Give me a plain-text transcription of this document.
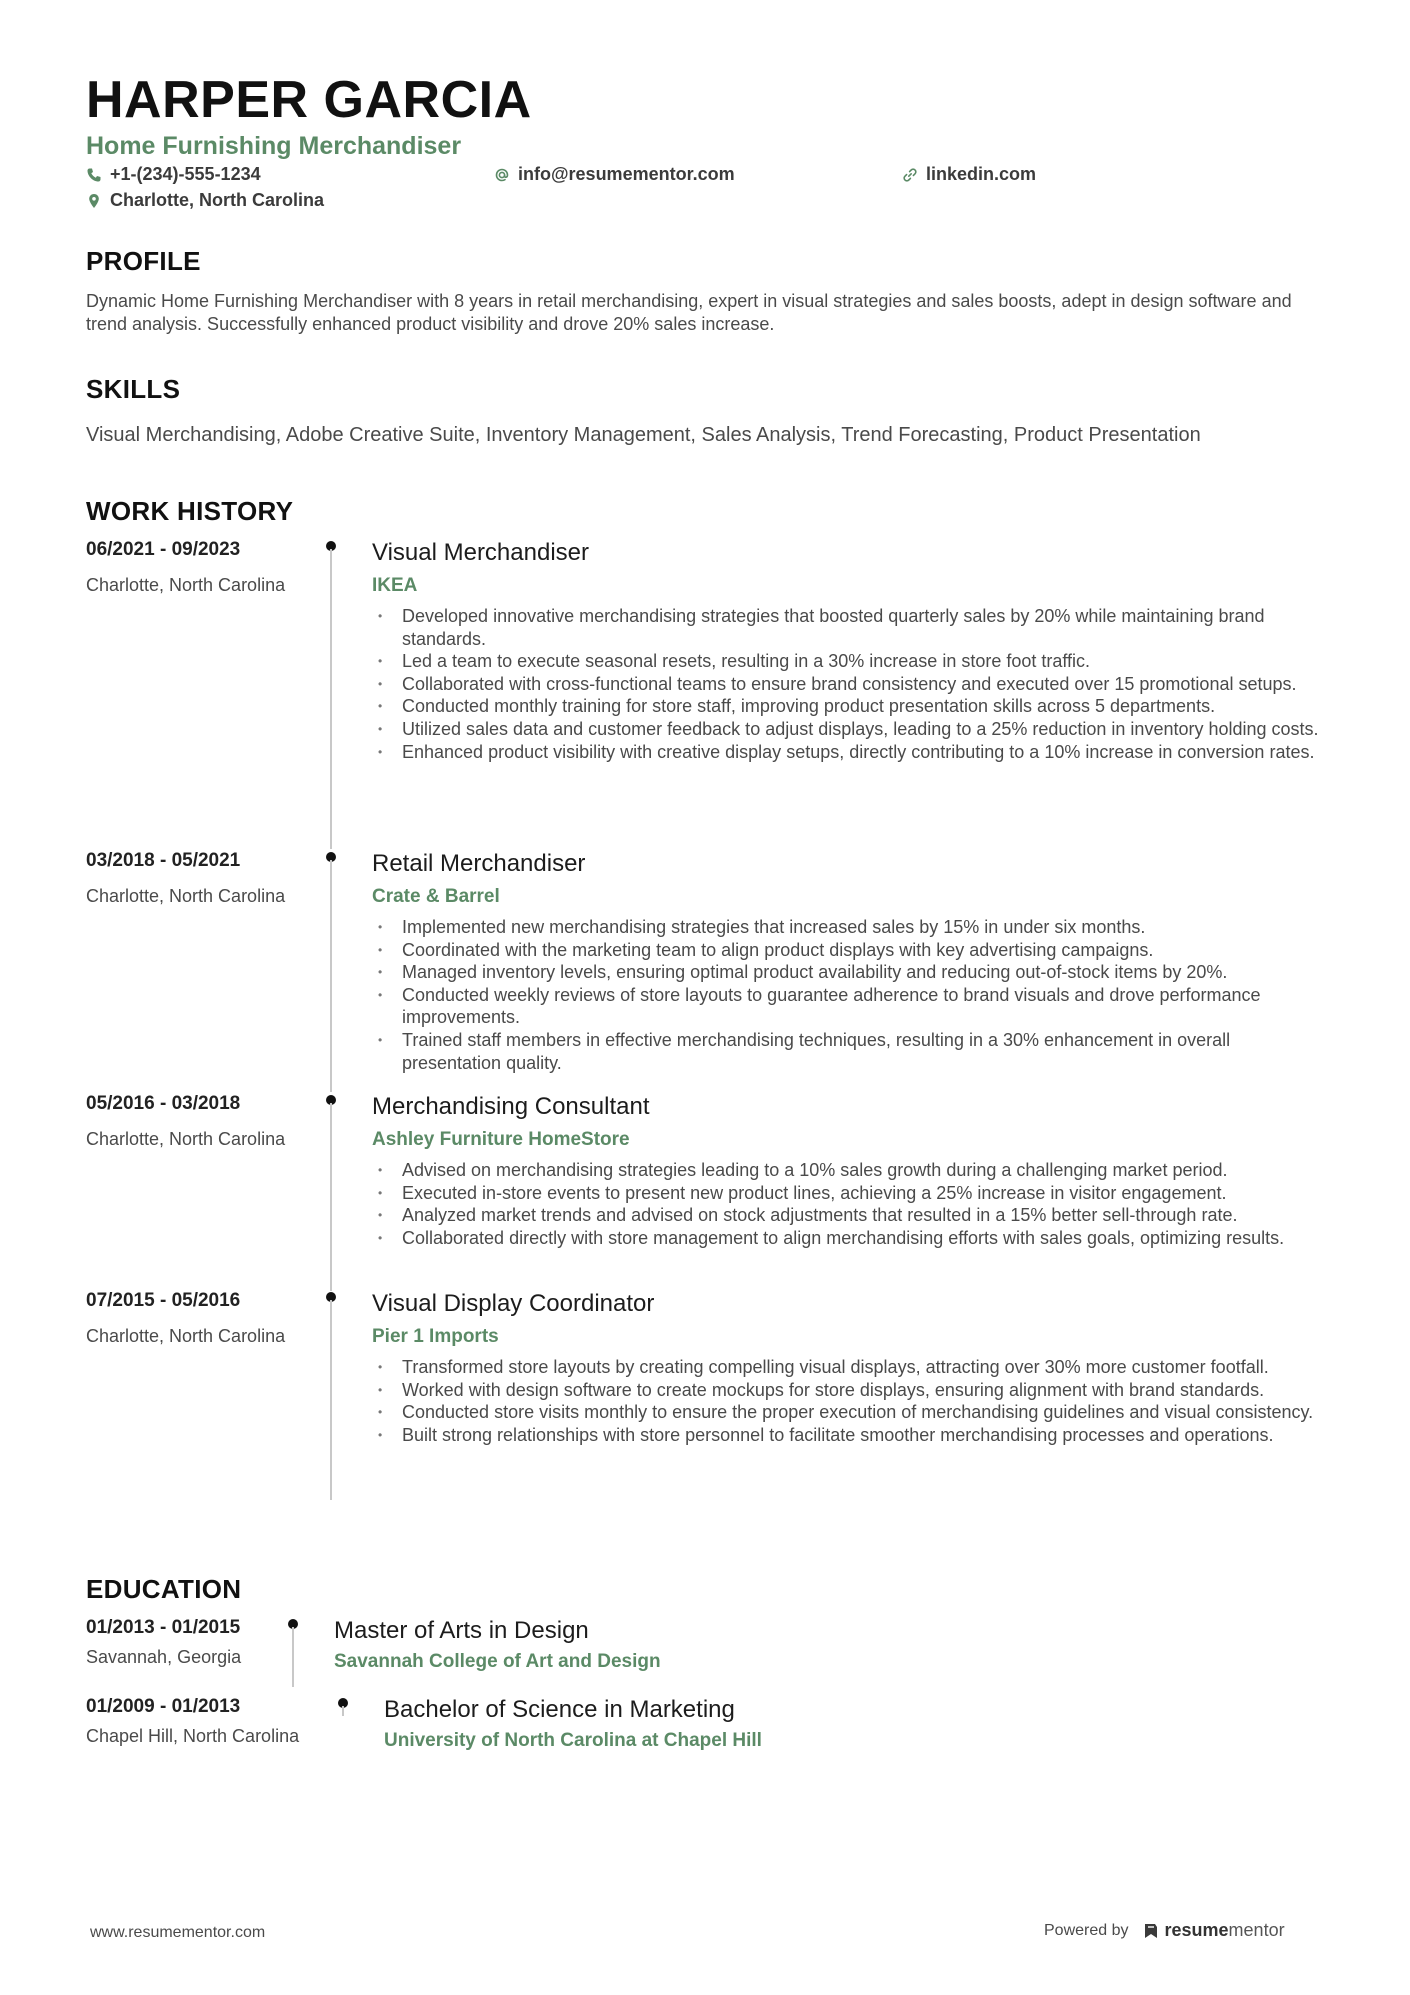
HARPER GARCIA
Home Furnishing Merchandiser
+1-(234)-555-1234	info@resumementor.com	linkedin.com
Charlotte, North Carolina
PROFILE
Dynamic Home Furnishing Merchandiser with 8 years in retail merchandising, expert in visual strategies and sales boosts, adept in design software and trend analysis. Successfully enhanced product visibility and drove 20% sales increase.
SKILLS
Visual Merchandising, Adobe Creative Suite, Inventory Management, Sales Analysis, Trend Forecasting, Product Presentation
WORK HISTORY
06/2021 - 09/2023
Charlotte, North Carolina
Visual Merchandiser
IKEA
• Developed innovative merchandising strategies that boosted quarterly sales by 20% while maintaining brand standards.
• Led a team to execute seasonal resets, resulting in a 30% increase in store foot traffic.
• Collaborated with cross-functional teams to ensure brand consistency and executed over 15 promotional setups.
• Conducted monthly training for store staff, improving product presentation skills across 5 departments.
• Utilized sales data and customer feedback to adjust displays, leading to a 25% reduction in inventory holding costs.
• Enhanced product visibility with creative display setups, directly contributing to a 10% increase in conversion rates.
03/2018 - 05/2021
Charlotte, North Carolina
Retail Merchandiser
Crate & Barrel
• Implemented new merchandising strategies that increased sales by 15% in under six months.
• Coordinated with the marketing team to align product displays with key advertising campaigns.
• Managed inventory levels, ensuring optimal product availability and reducing out-of-stock items by 20%.
• Conducted weekly reviews of store layouts to guarantee adherence to brand visuals and drove performance improvements.
• Trained staff members in effective merchandising techniques, resulting in a 30% enhancement in overall presentation quality.
05/2016 - 03/2018
Charlotte, North Carolina
Merchandising Consultant
Ashley Furniture HomeStore
• Advised on merchandising strategies leading to a 10% sales growth during a challenging market period.
• Executed in-store events to present new product lines, achieving a 25% increase in visitor engagement.
• Analyzed market trends and advised on stock adjustments that resulted in a 15% better sell-through rate.
• Collaborated directly with store management to align merchandising efforts with sales goals, optimizing results.
07/2015 - 05/2016
Charlotte, North Carolina
Visual Display Coordinator
Pier 1 Imports
• Transformed store layouts by creating compelling visual displays, attracting over 30% more customer footfall.
• Worked with design software to create mockups for store displays, ensuring alignment with brand standards.
• Conducted store visits monthly to ensure the proper execution of merchandising guidelines and visual consistency.
• Built strong relationships with store personnel to facilitate smoother merchandising processes and operations.
EDUCATION
01/2013 - 01/2015
Savannah, Georgia
Master of Arts in Design
Savannah College of Art and Design
01/2009 - 01/2013
Chapel Hill, North Carolina
Bachelor of Science in Marketing
University of North Carolina at Chapel Hill
www.resumementor.com	Powered by resume mentor
